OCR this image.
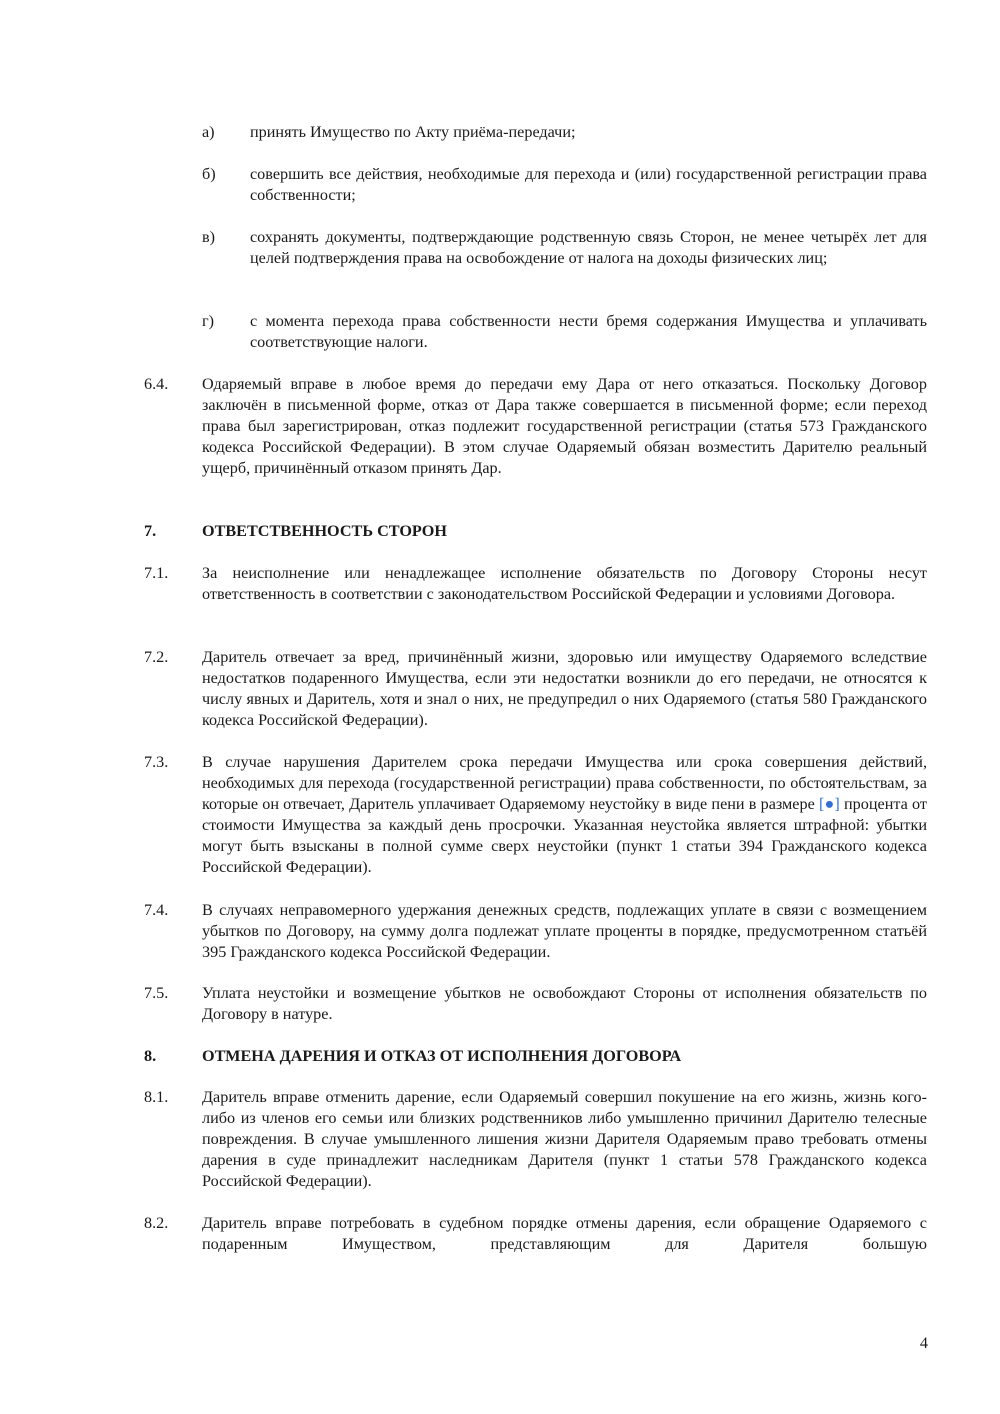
а) принять Имущество по Акту приёма-передачи;
б) совершить все действия, необходимые для перехода и (или) государственной регистрации права собственности;
в) сохранять документы, подтверждающие родственную связь Сторон, не менее четырёх лет для целей подтверждения права на освобождение от налога на доходы физических лиц;
г) с момента перехода права собственности нести бремя содержания Имущества и уплачивать соответствующие налоги.
6.4. Одаряемый вправе в любое время до передачи ему Дара от него отказаться. Поскольку Договор заключён в письменной форме, отказ от Дара также совершается в письменной форме; если переход права был зарегистрирован, отказ подлежит государственной регистрации (статья 573 Гражданского кодекса Российской Федерации). В этом случае Одаряемый обязан возместить Дарителю реальный ущерб, причинённый отказом принять Дар.
7.	ОТВЕТСТВЕННОСТЬ СТОРОН
7.1. За неисполнение или ненадлежащее исполнение обязательств по Договору Стороны несут ответственность в соответствии с законодательством Российской Федерации и условиями Договора.
7.2. Даритель отвечает за вред, причинённый жизни, здоровью или имуществу Одаряемого вследствие недостатков подаренного Имущества, если эти недостатки возникли до его передачи, не относятся к числу явных и Даритель, хотя и знал о них, не предупредил о них Одаряемого (статья 580 Гражданского кодекса Российской Федерации).
7.3. В случае нарушения Дарителем срока передачи Имущества или срока совершения действий, необходимых для перехода (государственной регистрации) права собственности, по обстоятельствам, за которые он отвечает, Даритель уплачивает Одаряемому неустойку в виде пени в размере [●] процента от стоимости Имущества за каждый день просрочки. Указанная неустойка является штрафной: убытки могут быть взысканы в полной сумме сверх неустойки (пункт 1 статьи 394 Гражданского кодекса Российской Федерации).
7.4. В случаях неправомерного удержания денежных средств, подлежащих уплате в связи с возмещением убытков по Договору, на сумму долга подлежат уплате проценты в порядке, предусмотренном статьёй 395 Гражданского кодекса Российской Федерации.
7.5. Уплата неустойки и возмещение убытков не освобождают Стороны от исполнения обязательств по Договору в натуре.
8.	ОТМЕНА ДАРЕНИЯ И ОТКАЗ ОТ ИСПОЛНЕНИЯ ДОГОВОРА
8.1. Даритель вправе отменить дарение, если Одаряемый совершил покушение на его жизнь, жизнь кого-либо из членов его семьи или близких родственников либо умышленно причинил Дарителю телесные повреждения. В случае умышленного лишения жизни Дарителя Одаряемым право требовать отмены дарения в суде принадлежит наследникам Дарителя (пункт 1 статьи 578 Гражданского кодекса Российской Федерации).
8.2. Даритель вправе потребовать в судебном порядке отмены дарения, если обращение Одаряемого с подаренным Имуществом, представляющим для Дарителя большую
4
